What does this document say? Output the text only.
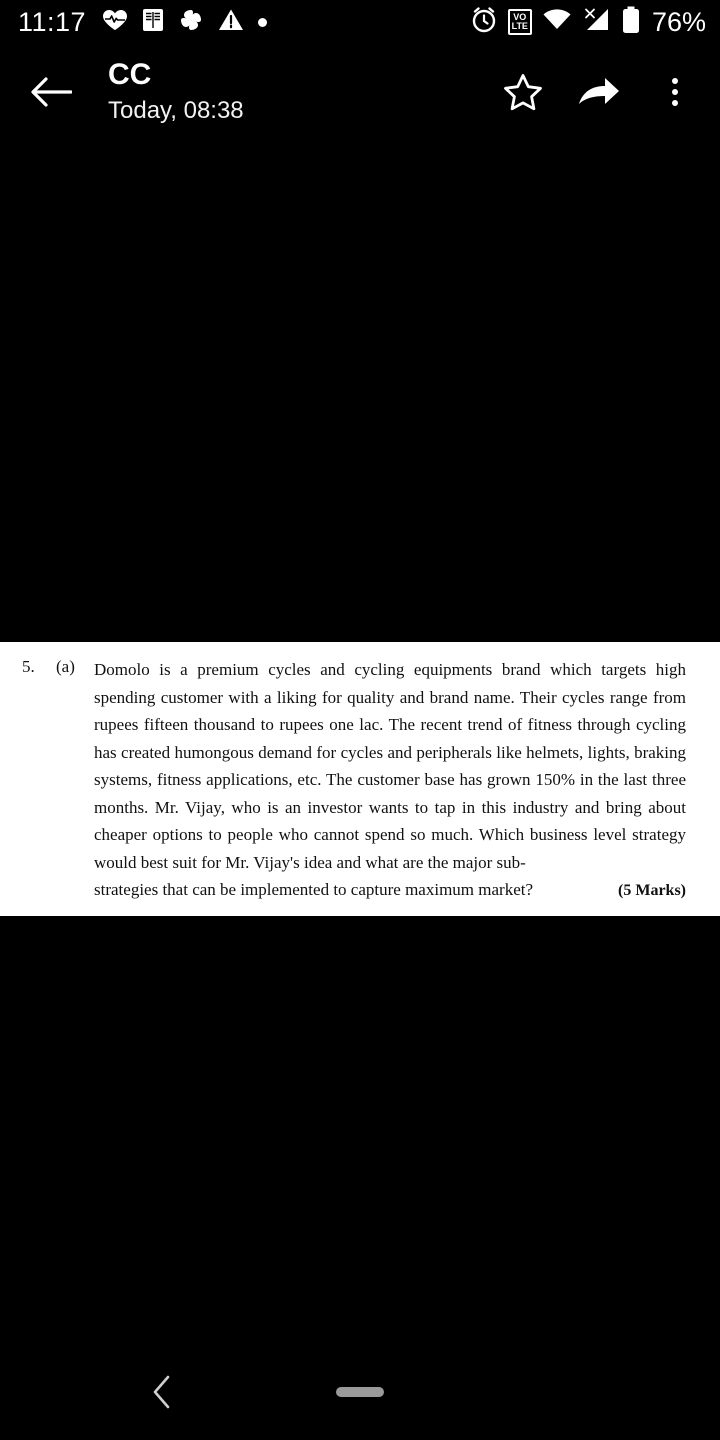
11:17	VO
LTE	76%
CC
Today, 08:38
5.	(a)	Domolo is a premium cycles and cycling equipments brand which targets high spending customer with a liking for quality and brand name. Their cycles range from rupees fifteen thousand to rupees one lac. The recent trend of fitness through cycling has created humongous demand for cycles and peripherals like helmets, lights, braking systems, fitness applications, etc. The customer base has grown 150% in the last three months. Mr. Vijay, who is an investor wants to tap in this industry and bring about cheaper options to people who cannot spend so much. Which business level strategy would best suit for Mr. Vijay's idea and what are the major sub-
strategies that can be implemented to capture maximum market?	(5 Marks)
